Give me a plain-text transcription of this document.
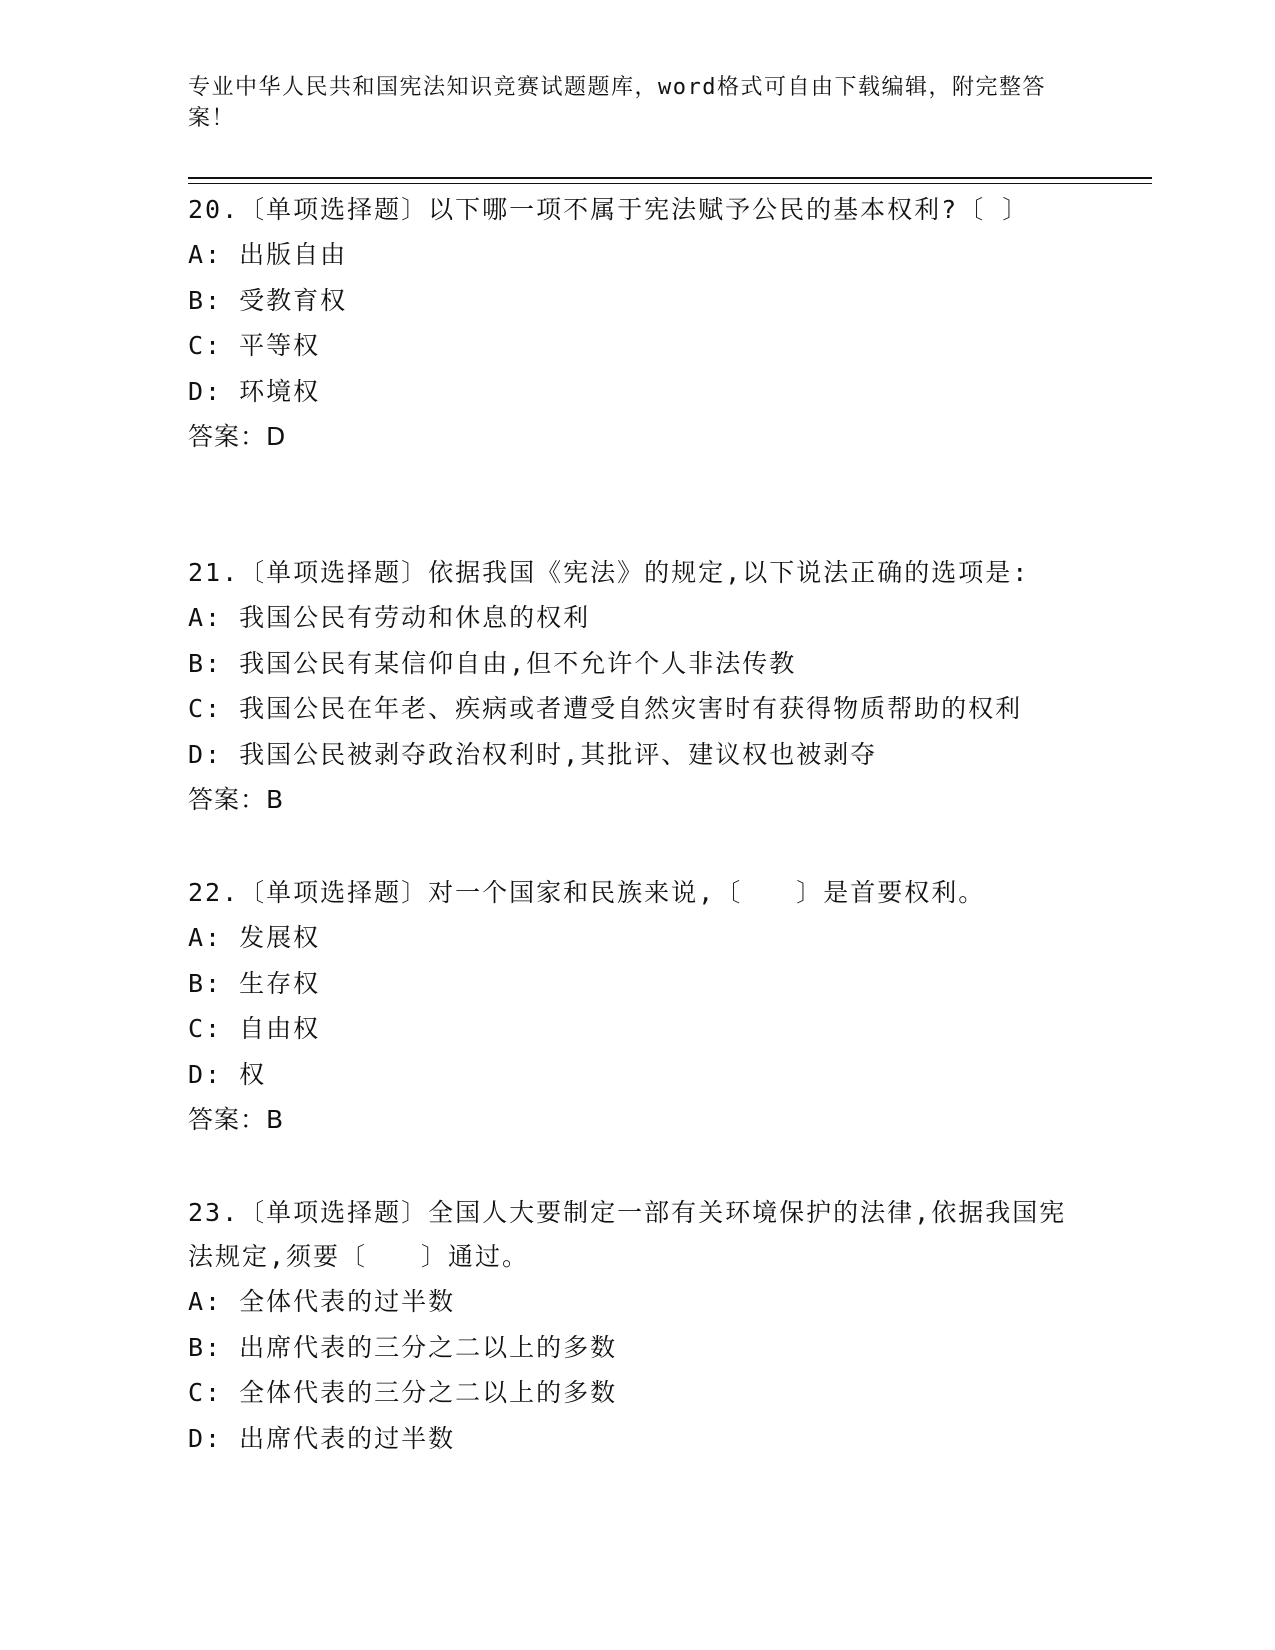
专业中华人民共和国宪法知识竞赛试题题库，word格式可自由下载编辑，附完整答案！
20.〔单项选择题〕以下哪一项不属于宪法赋予公民的基本权利?〔 〕
A: 出版自由
B: 受教育权
C: 平等权
D: 环境权
答案：D
21.〔单项选择题〕依据我国《宪法》的规定,以下说法正确的选项是:
A: 我国公民有劳动和休息的权利
B: 我国公民有某信仰自由,但不允许个人非法传教
C: 我国公民在年老、疾病或者遭受自然灾害时有获得物质帮助的权利
D: 我国公民被剥夺政治权利时,其批评、建议权也被剥夺
答案：B
22.〔单项选择题〕对一个国家和民族来说,〔　　〕是首要权利。
A: 发展权
B: 生存权
C: 自由权
D: 权
答案：B
23.〔单项选择题〕全国人大要制定一部有关环境保护的法律,依据我国宪法规定,须要〔　　〕通过。
A: 全体代表的过半数
B: 出席代表的三分之二以上的多数
C: 全体代表的三分之二以上的多数
D: 出席代表的过半数
